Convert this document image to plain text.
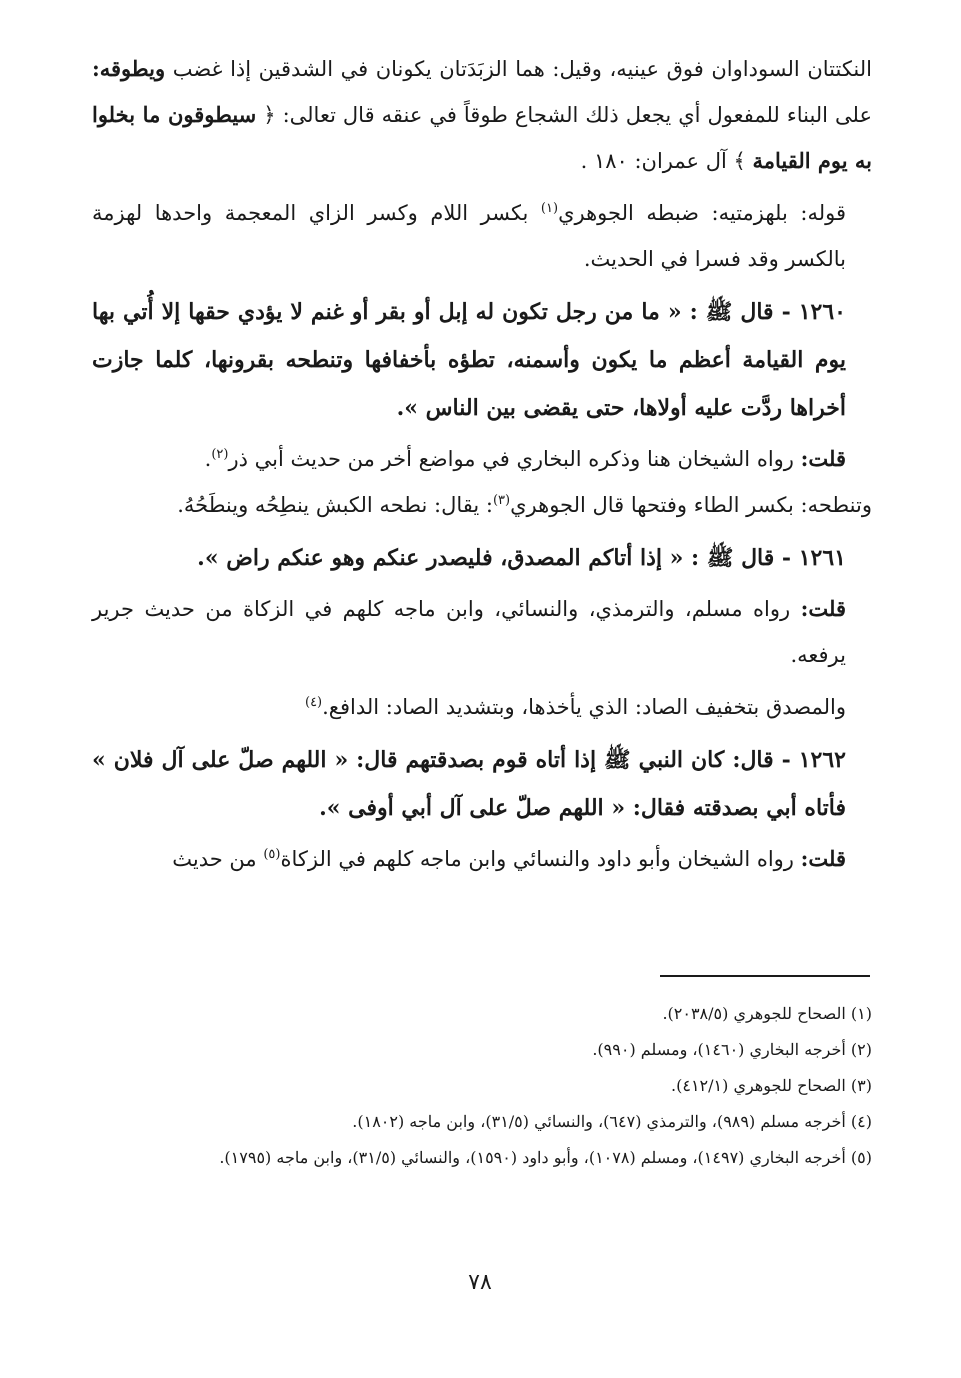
النكتتان السوداوان فوق عينيه، وقيل: هما الزبَدَتان يكونان في الشدقين إذا غضب ويطوقه: على البناء للمفعول أي يجعل ذلك الشجاع طوقاً في عنقه قال تعالى: ﴿ سيطوقون ما بخلوا به يوم القيامة ﴾ آل عمران: ١٨٠ .

قوله: بلهزمتيه: ضبطه الجوهري$^{(١)}$ بكسر اللام وكسر الزاي المعجمة واحدها لهزمة بالكسر وقد فسرا في الحديث.

١٢٦٠ - قال ﷺ : « ما من رجل تكون له إبل أو بقر أو غنم لا يؤدي حقها إلا أُتي بها يوم القيامة أعظم ما يكون وأسمنه، تطؤه بأخفافها وتنطحه بقرونها، كلما جازت أخراها ردَّت عليه أولاها، حتى يقضى بين الناس ».

قلت: رواه الشيخان هنا وذكره البخاري في مواضع أخر من حديث أبي ذر$^{(٢)}$.

وتنطحه: بكسر الطاء وفتحها قال الجوهري$^{(٣)}$: يقال: نطحه الكبش ينطِحُه وينطَحُهُ.

١٢٦١ - قال ﷺ : « إذا أتاكم المصدق، فليصدر عنكم وهو عنكم راض ».

قلت: رواه مسلم، والترمذي، والنسائي، وابن ماجه كلهم في الزكاة من حديث جرير يرفعه.

والمصدق بتخفيف الصاد: الذي يأخذها، وبتشديد الصاد: الدافع.$^{(٤)}$

١٢٦٢ - قال: كان النبي ﷺ إذا أتاه قوم بصدقتهم قال: « اللهم صلّ على آل فلان » فأتاه أبي بصدقته فقال: « اللهم صلّ على آل أبي أوفى ».

قلت: رواه الشيخان وأبو داود والنسائي وابن ماجه كلهم في الزكاة$^{(٥)}$ من حديث

(١) الصحاح للجوهري (٢٠٣٨/٥).

(٢) أخرجه البخاري (١٤٦٠)، ومسلم (٩٩٠).

(٣) الصحاح للجوهري (٤١٢/١).

(٤) أخرجه مسلم (٩٨٩)، والترمذي (٦٤٧)، والنسائي (٣١/٥)، وابن ماجه (١٨٠٢).

(٥) أخرجه البخاري (١٤٩٧)، ومسلم (١٠٧٨)، وأبو داود (١٥٩٠)، والنسائي (٣١/٥)، وابن ماجه (١٧٩٥).

٧٨
